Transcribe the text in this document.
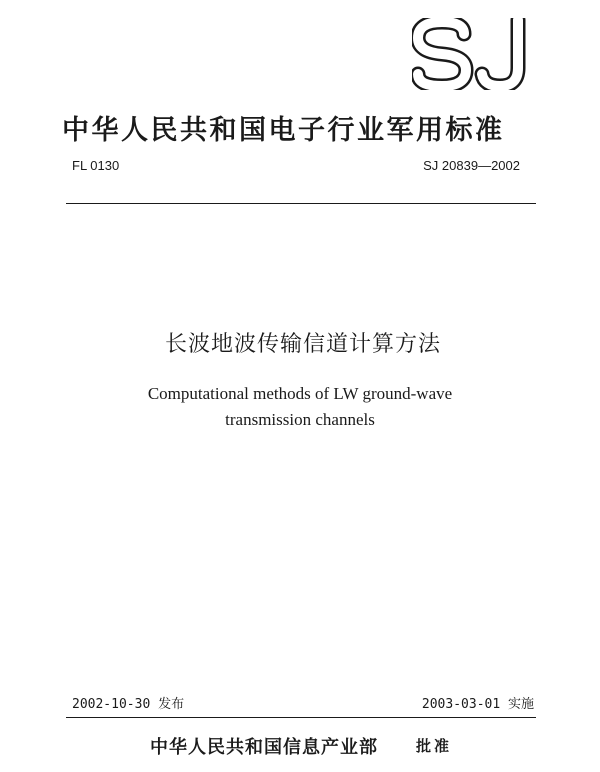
中华人民共和国电子行业军用标准
FL 0130	SJ 20839—2002
长波地波传输信道计算方法
Computational methods of LW ground-wave
transmission channels
2002-10-30 发布	2003-03-01 实施
中华人民共和国信息产业部	批准
